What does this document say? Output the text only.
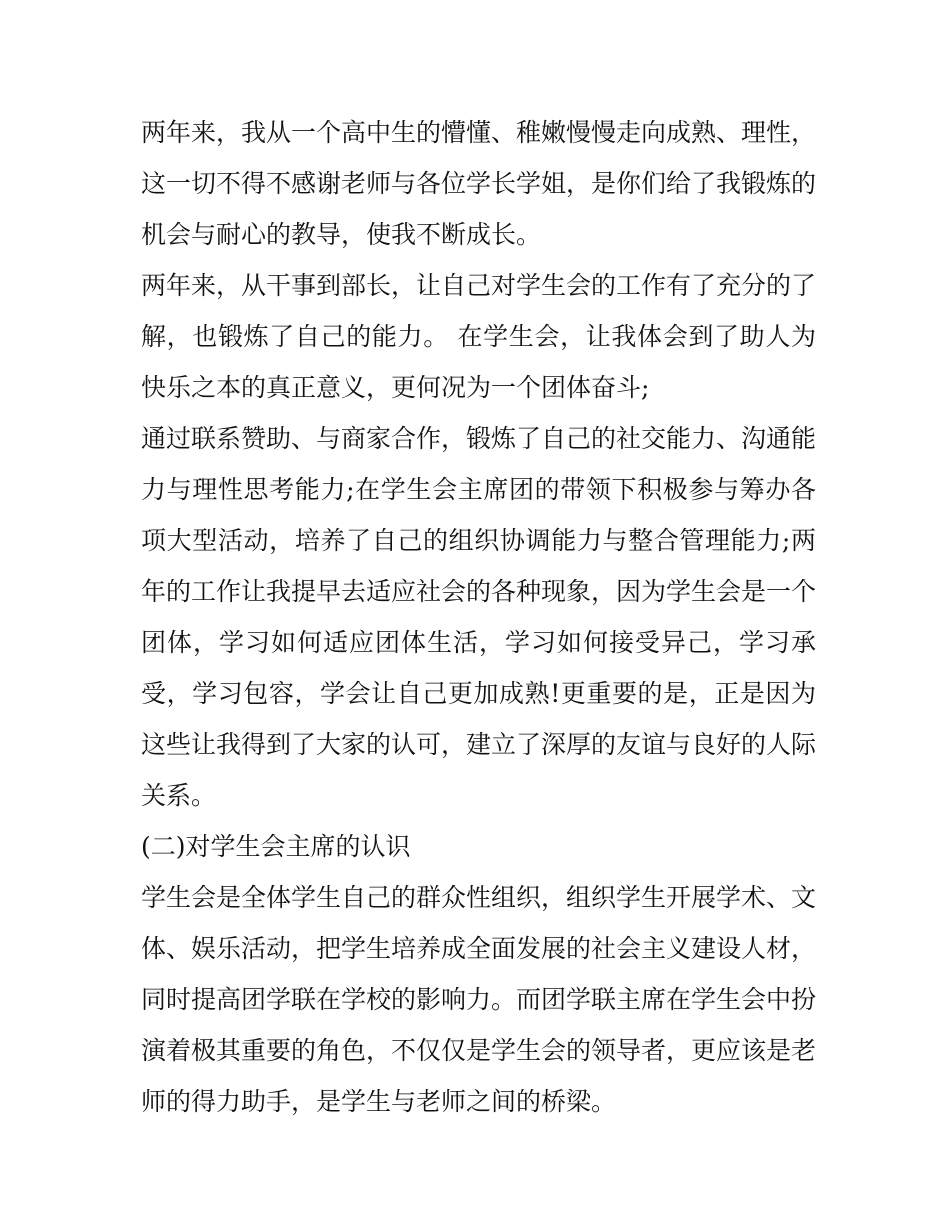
两年来，我从一个高中生的懵懂、稚嫩慢慢走向成熟、理性，这一切不得不感谢老师与各位学长学姐，是你们给了我锻炼的机会与耐心的教导，使我不断成长。

两年来，从干事到部长，让自己对学生会的工作有了充分的了解，也锻炼了自己的能力。 在学生会，让我体会到了助人为快乐之本的真正意义，更何况为一个团体奋斗;

通过联系赞助、与商家合作，锻炼了自己的社交能力、沟通能力与理性思考能力;在学生会主席团的带领下积极参与筹办各项大型活动，培养了自己的组织协调能力与整合管理能力;两年的工作让我提早去适应社会的各种现象，因为学生会是一个团体，学习如何适应团体生活，学习如何接受异己，学习承受，学习包容，学会让自己更加成熟!更重要的是，正是因为这些让我得到了大家的认可，建立了深厚的友谊与良好的人际关系。

(二)对学生会主席的认识

学生会是全体学生自己的群众性组织，组织学生开展学术、文体、娱乐活动，把学生培养成全面发展的社会主义建设人材，同时提高团学联在学校的影响力。而团学联主席在学生会中扮演着极其重要的角色，不仅仅是学生会的领导者，更应该是老师的得力助手，是学生与老师之间的桥梁。
